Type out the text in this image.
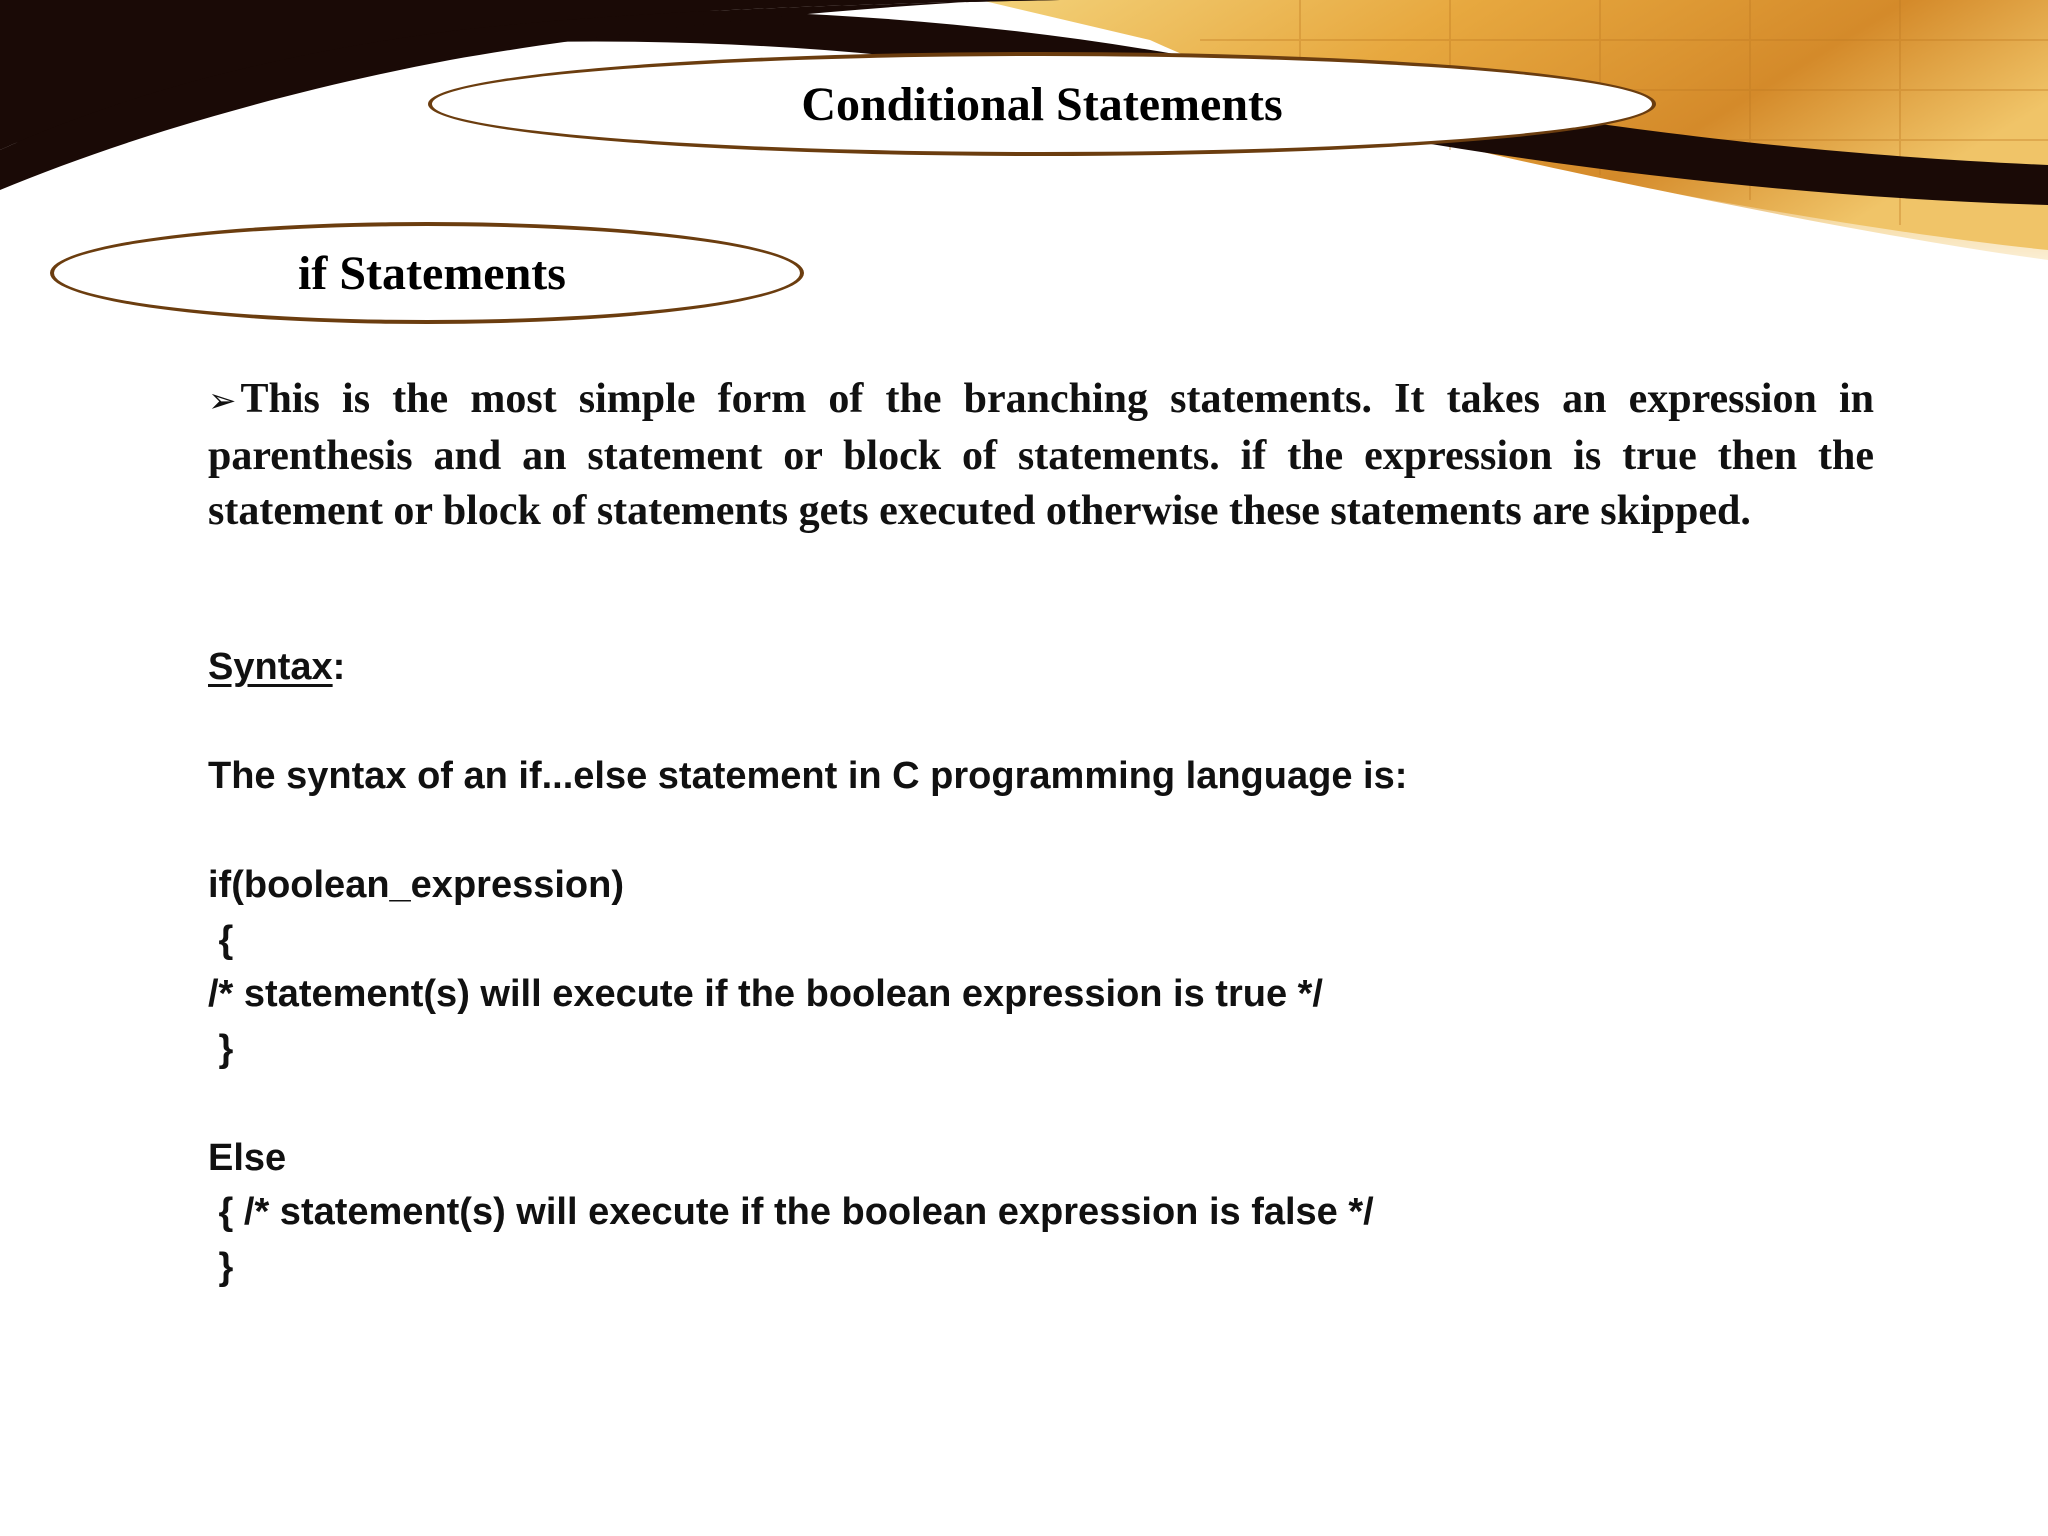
Conditional Statements
if Statements

➢This is the most simple form of the branching statements. It takes an expression in parenthesis and an statement or block of statements. if the expression is true then the statement or block of statements gets executed otherwise these statements are skipped.

Syntax:

The syntax of an if...else statement in C programming language is:

if(boolean_expression)
{
/* statement(s) will execute if the boolean expression is true */
}

Else
{ /* statement(s) will execute if the boolean expression is false */
}
